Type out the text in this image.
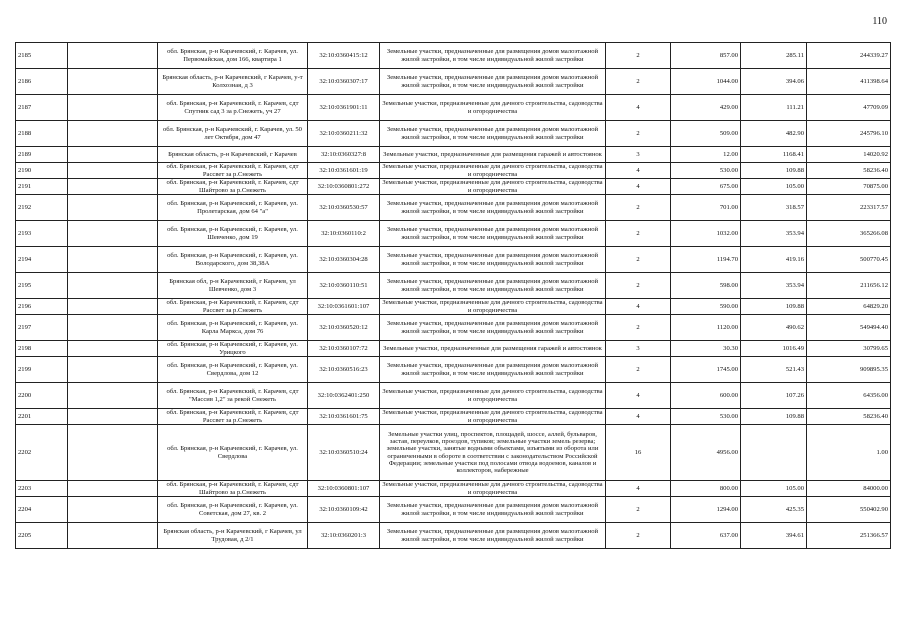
110
2185		обл. Брянская, р-н Карачевский, г. Карачев, ул. Первомайская, дом 166, квартира 1	32:10:0360415:12	Земельные участки, предназначенные для размещения домов малоэтажной жилой застройки, в том числе индивидуальной жилой застройки	2	857.00	285.11	244339.27
2186		Брянская область, р-н Карачевский, г Карачев, у-т Колхозная, д 3	32:10:0360307:17	Земельные участки, предназначенные для размещения домов малоэтажной жилой застройки, в том числе индивидуальной жилой застройки	2	1044.00	394.06	411398.64
2187		обл. Брянская, р-н Карачевский, г. Карачев, сдт Спутник сад 3 за р.Снежеть, уч 27	32:10:0361901:11	Земельные участки, предназначенные для дачного строительства, садоводства и огородничества	4	429.00	111.21	47709.09
2188		обл. Брянская, р-н Карачевский, г. Карачев, ул. 50 лет Октября, дом 47	32:10:0360211:32	Земельные участки, предназначенные для размещения домов малоэтажной жилой застройки, в том числе индивидуальной жилой застройки	2	509.00	482.90	245796.10
2189		Брянская область, р-н Карачевский, г Карачев	32:10:0360327:8	Земельные участки, предназначенные для размещения гаражей и автостоянок	3	12.00	1168.41	14020.92
2190		обл. Брянская, р-н Карачевский, г. Карачев, сдт Рассвет за р.Снежеть	32:10:0361601:19	Земельные участки, предназначенные для дачного строительства, садоводства и огородничества	4	530.00	109.88	58236.40
2191		обл. Брянская, р-н Карачевский, г. Карачев, сдт Шайтрово за р.Снежеть	32:10:0360801:272	Земельные участки, предназначенные для дачного строительства, садоводства и огородничества	4	675.00	105.00	70875.00
2192		обл. Брянская, р-н Карачевский, г. Карачев, ул. Пролетарская, дом 64 "а"	32:10:0360530:57	Земельные участки, предназначенные для размещения домов малоэтажной жилой застройки, в том числе индивидуальной жилой застройки	2	701.00	318.57	223317.57
2193		обл. Брянская, р-н Карачевский, г. Карачев, ул. Шевченко, дом 19	32:10:0360110:2	Земельные участки, предназначенные для размещения домов малоэтажной жилой застройки, в том числе индивидуальной жилой застройки	2	1032.00	353.94	365266.08
2194		обл. Брянская, р-н Карачевский, г. Карачев, ул. Володарского, дом 38,38А	32:10:0360304:28	Земельные участки, предназначенные для размещения домов малоэтажной жилой застройки, в том числе индивидуальной жилой застройки	2	1194.70	419.16	500770.45
2195		Брянская обл, р-н Карачевский, г Карачев, ул Шевченко, дом 3	32:10:0360110:51	Земельные участки, предназначенные для размещения домов малоэтажной жилой застройки, в том числе индивидуальной жилой застройки	2	598.00	353.94	211656.12
2196		обл. Брянская, р-н Карачевский, г. Карачев, сдт Рассвет за р.Снежеть	32:10:0361601:107	Земельные участки, предназначенные для дачного строительства, садоводства и огородничества	4	590.00	109.88	64829.20
2197		обл. Брянская, р-н Карачевский, г. Карачев, ул. Карла Маркса, дом 76	32:10:0360520:12	Земельные участки, предназначенные для размещения домов малоэтажной жилой застройки, в том числе индивидуальной жилой застройки	2	1120.00	490.62	549494.40
2198		обл. Брянская, р-н Карачевский, г. Карачев, ул. Урицкого	32:10:0360107:72	Земельные участки, предназначенные для размещения гаражей и автостоянок	3	30.30	1016.49	30799.65
2199		обл. Брянская, р-н Карачевский, г. Карачев, ул. Свердлова, дом 12	32:10:0360516:23	Земельные участки, предназначенные для размещения домов малоэтажной жилой застройки, в том числе индивидуальной жилой застройки	2	1745.00	521.43	909895.35
2200		обл. Брянская, р-н Карачевский, г. Карачев, сдт "Массив 1,2" за рекой Снежеть	32:10:0362401:250	Земельные участки, предназначенные для дачного строительства, садоводства и огородничества	4	600.00	107.26	64356.00
2201		обл. Брянская, р-н Карачевский, г. Карачев, сдт Рассвет за р.Снежеть	32:10:0361601:75	Земельные участки, предназначенные для дачного строительства, садоводства и огородничества	4	530.00	109.88	58236.40
2202		обл. Брянская, р-н Карачевский, г. Карачев, ул. Свердлова	32:10:0360510:24	Земельные участки улиц, проспектов, площадей, шоссе, аллей, бульваров, застав, переулков, проездов, тупиков; земельные участки земель резерва; земельные участки, занятые водными объектами, изъятыми из оборота или ограниченными в обороте в соответствии с законодательством Российской Федерации; земельные участки под полосами отвода водоемов, каналов и коллекторов, набережные	16	4956.00		1.00
2203		обл. Брянская, р-н Карачевский, г. Карачев, сдт Шайтрово за р.Снежеть	32:10:0360801:107	Земельные участки, предназначенные для дачного строительства, садоводства и огородничества	4	800.00	105.00	84000.00
2204		обл. Брянская, р-н Карачевский, г. Карачев, ул. Советская, дом 27, кв. 2	32:10:0360109:42	Земельные участки, предназначенные для размещения домов малоэтажной жилой застройки, в том числе индивидуальной жилой застройки	2	1294.00	425.35	550402.90
2205		Брянская область, р-н Карачевский, г Карачев, ул Трудовая, д 2/1	32:10:0360201:3	Земельные участки, предназначенные для размещения домов малоэтажной жилой застройки, в том числе индивидуальной жилой застройки	2	637.00	394.61	251366.57
